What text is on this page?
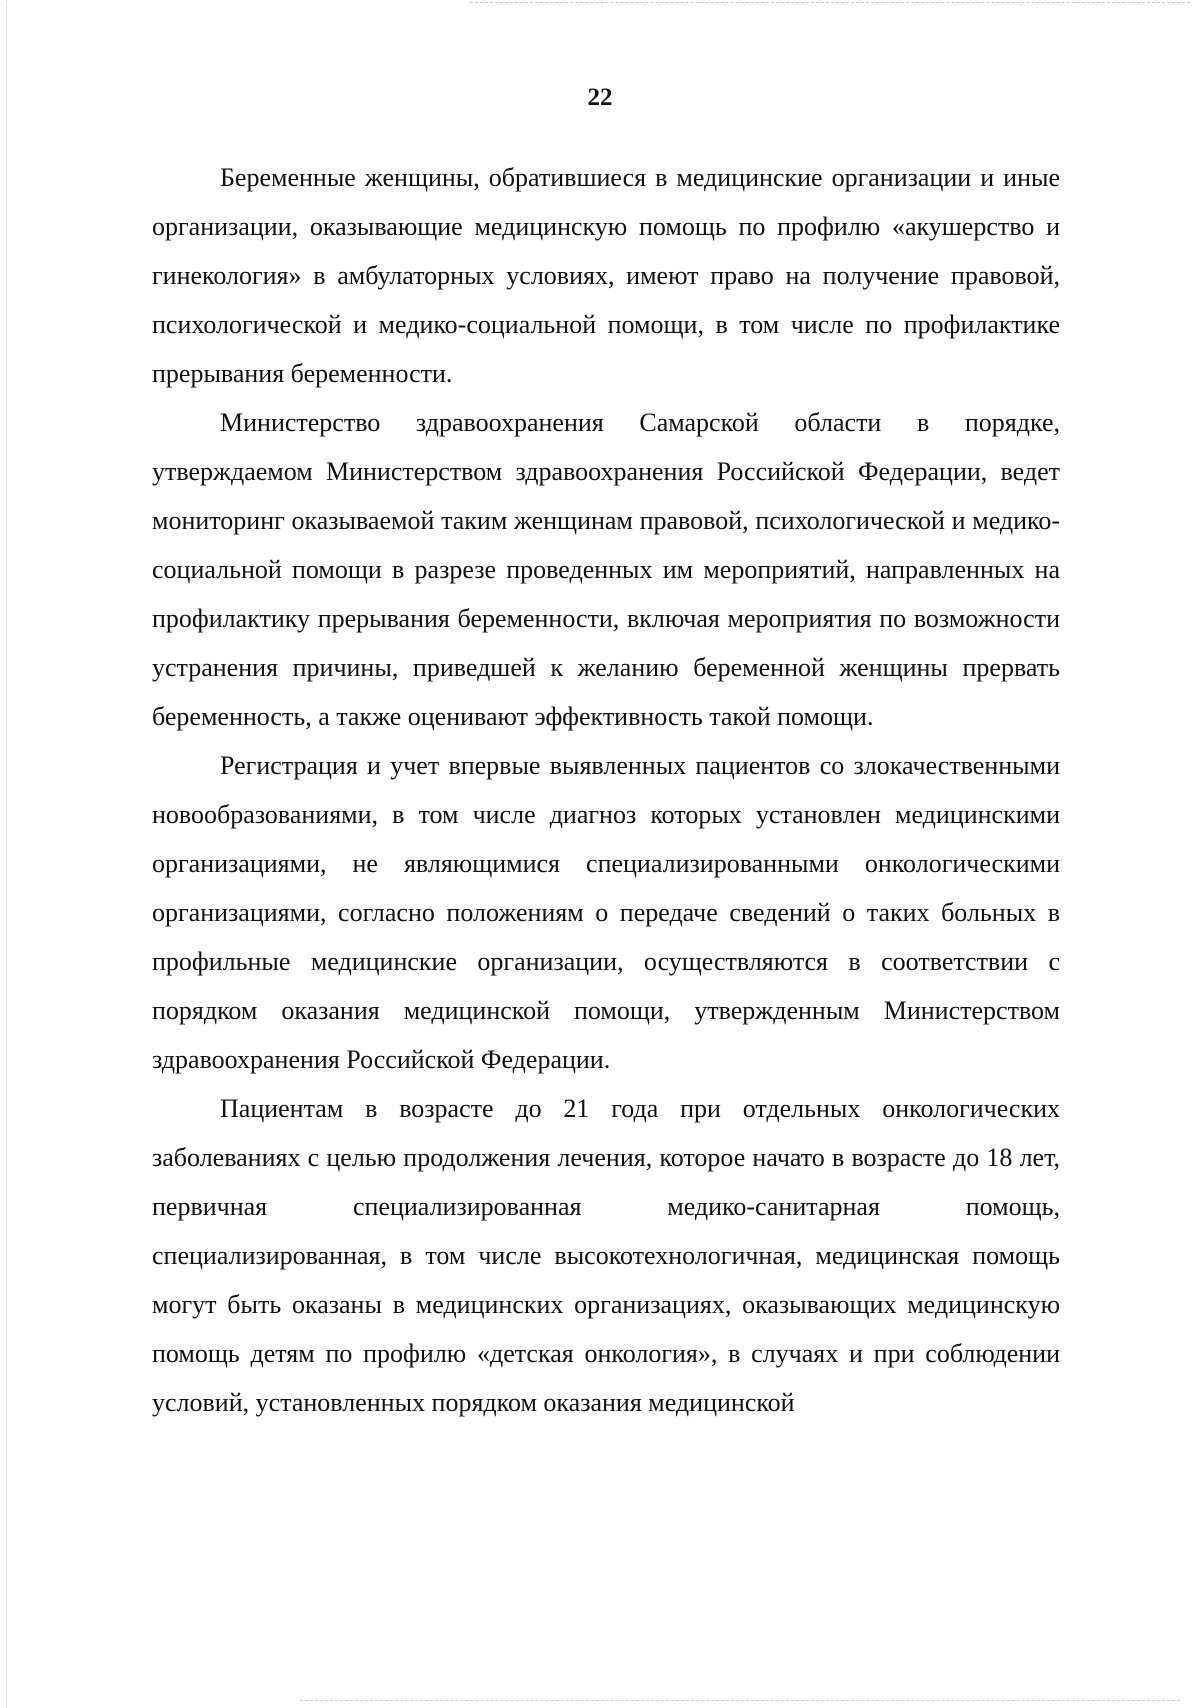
22

Беременные женщины, обратившиеся в медицинские организации и иные организации, оказывающие медицинскую помощь по профилю «акушерство и гинекология» в амбулаторных условиях, имеют право на получение правовой, психологической и медико-социальной помощи, в том числе по профилактике прерывания беременности.

Министерство здравоохранения Самарской области в порядке, утверждаемом Министерством здравоохранения Российской Федерации, ведет мониторинг оказываемой таким женщинам правовой, психологической и медико-социальной помощи в разрезе проведенных им мероприятий, направленных на профилактику прерывания беременности, включая мероприятия по возможности устранения причины, приведшей к желанию беременной женщины прервать беременность, а также оценивают эффективность такой помощи.

Регистрация и учет впервые выявленных пациентов со злокачественными новообразованиями, в том числе диагноз которых установлен медицинскими организациями, не являющимися специализированными онкологическими организациями, согласно положениям о передаче сведений о таких больных в профильные медицинские организации, осуществляются в соответствии с порядком оказания медицинской помощи, утвержденным Министерством здравоохранения Российской Федерации.

Пациентам в возрасте до 21 года при отдельных онкологических заболеваниях с целью продолжения лечения, которое начато в возрасте до 18 лет, первичная специализированная медико-санитарная помощь, специализированная, в том числе высокотехнологичная, медицинская помощь могут быть оказаны в медицинских организациях, оказывающих медицинскую помощь детям по профилю «детская онкология», в случаях и при соблюдении условий, установленных порядком оказания медицинской
